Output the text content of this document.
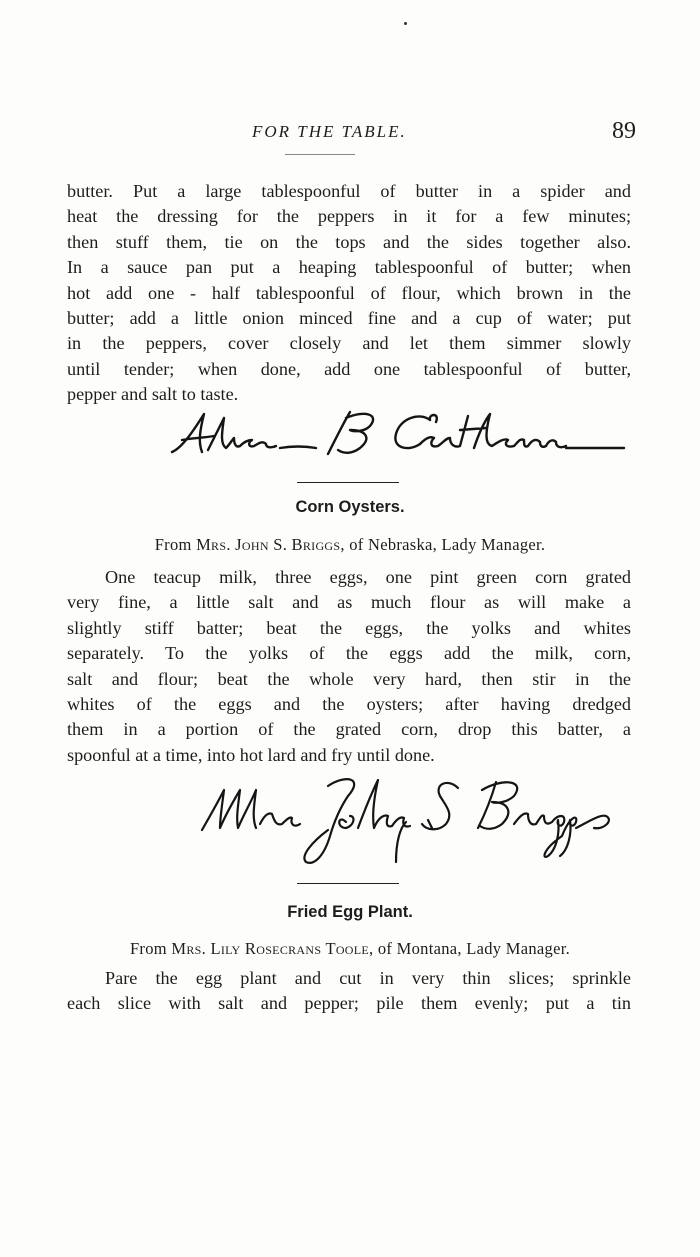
FOR THE TABLE.	89
butter. Put a large tablespoonful of butter in a spider and
heat the dressing for the peppers in it for a few minutes;
then stuff them, tie on the tops and the sides together also.
In a sauce pan put a heaping tablespoonful of butter; when
hot add one - half tablespoonful of flour, which brown in the
butter; add a little onion minced fine and a cup of water; put
in the peppers, cover closely and let them simmer slowly
until tender; when done, add one tablespoonful of butter,
pepper and salt to taste.
Corn Oysters.
From Mrs. John S. Briggs, of Nebraska, Lady Manager.
One teacup milk, three eggs, one pint green corn grated
very fine, a little salt and as much flour as will make a
slightly stiff batter; beat the eggs, the yolks and whites
separately. To the yolks of the eggs add the milk, corn,
salt and flour; beat the whole very hard, then stir in the
whites of the eggs and the oysters; after having dredged
them in a portion of the grated corn, drop this batter, a
spoonful at a time, into hot lard and fry until done.
Fried Egg Plant.
From Mrs. Lily Rosecrans Toole, of Montana, Lady Manager.
Pare the egg plant and cut in very thin slices; sprinkle
each slice with salt and pepper; pile them evenly; put a tin
